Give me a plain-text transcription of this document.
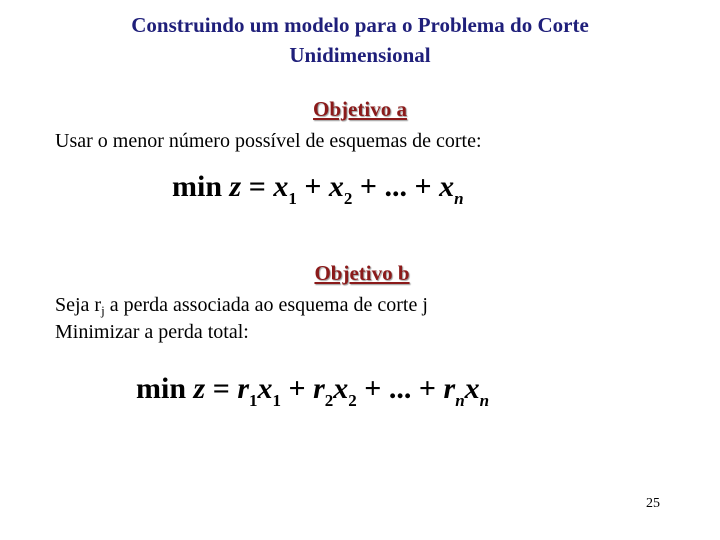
Construindo um modelo para o Problema do Corte
Unidimensional
Objetivo a
Usar o menor número possível de esquemas de corte:
$\min z = x_1 + x_2$ + ... + $x_n$
Objetivo b
Seja $r_j$ a perda associada ao esquema de corte j
Minimizar a perda total:
$\min z = r_1x_1 + r_2x_2$ + ... + $r_nx_n$
25
